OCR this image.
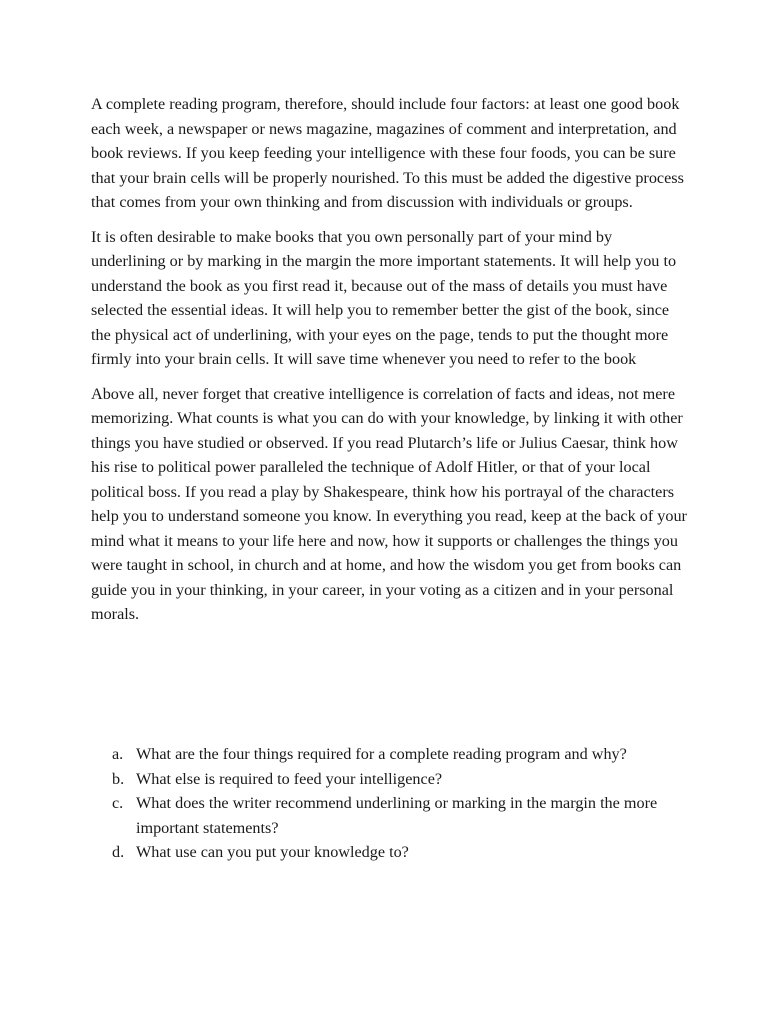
A complete reading program, therefore, should include four factors: at least one good book each week, a newspaper or news magazine, magazines of comment and interpretation, and book reviews. If you keep feeding your intelligence with these four foods, you can be sure that your brain cells will be properly nourished. To this must be added the digestive process that comes from your own thinking and from discussion with individuals or groups.

It is often desirable to make books that you own personally part of your mind by underlining or by marking in the margin the more important statements. It will help you to understand the book as you first read it, because out of the mass of details you must have selected the essential ideas. It will help you to remember better the gist of the book, since the physical act of underlining, with your eyes on the page, tends to put the thought more firmly into your brain cells. It will save time whenever you need to refer to the book

Above all, never forget that creative intelligence is correlation of facts and ideas, not mere memorizing. What counts is what you can do with your knowledge, by linking it with other things you have studied or observed. If you read Plutarch’s life or Julius Caesar, think how his rise to political power paralleled the technique of Adolf Hitler, or that of your local political boss. If you read a play by Shakespeare, think how his portrayal of the characters help you to understand someone you know. In everything you read, keep at the back of your mind what it means to your life here and now, how it supports or challenges the things you were taught in school, in church and at home, and how the wisdom you get from books can guide you in your thinking, in your career, in your voting as a citizen and in your personal morals.

a. What are the four things required for a complete reading program and why?
b. What else is required to feed your intelligence?
c. What does the writer recommend underlining or marking in the margin the more important statements?
d. What use can you put your knowledge to?
